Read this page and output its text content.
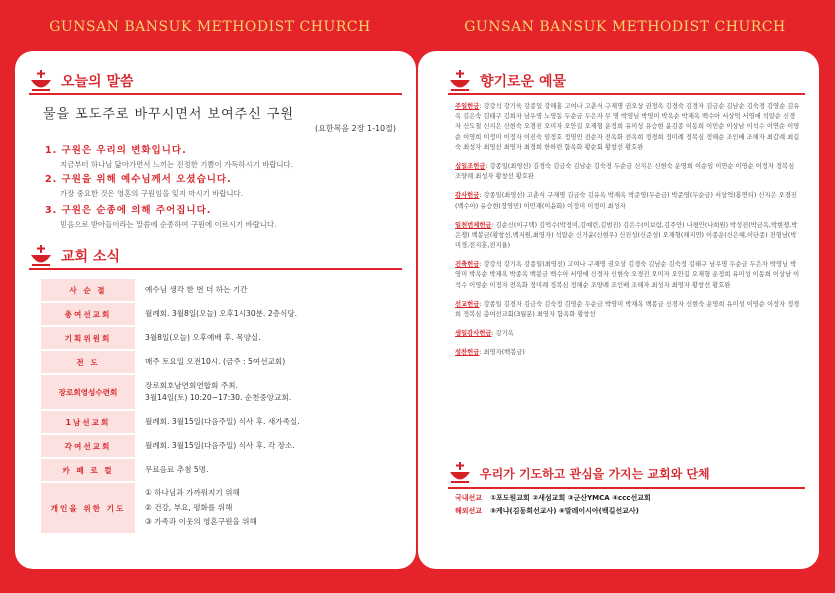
GUNSAN BANSUK METHODIST CHURCH	GUNSAN BANSUK METHODIST CHURCH
오늘의 말씀
물을 포도주로 바꾸시면서 보여주신 구원
(요한복음 2장 1-10절)
1. 구원은 우리의 변화입니다.
지금부터 하나님 닮아가면서 느끼는 진정한 기쁨이 가득하시기 바랍니다.
2. 구원을 위해 예수님께서 오셨습니다.
가장 중요한 것은 영혼의 구원임을 잊지 마시기 바랍니다.
3. 구원은 순종에 의해 주어집니다.
믿음으로 받아들이라는 말씀에 순종하여 구원에 이르시기 바랍니다.
교회 소식
사 순 절	예수님 생각 한 번 더 하는 기간
총여선교회	월례회. 3월8일(오늘) 오후1시30분. 2층식당.
기획위원회	3월8일(오늘) 오후예배 후. 목양실.
전 도	매주 토요일 오전10시. (금주 : 5여선교회)
장로회영성수련회
장로회호남연회연합회 주최.
3월14일(토) 10:20~17:30. 순천중앙교회.
1남선교회	월례회. 3월15일(다음주일) 식사 후. 새가족실.
각여선교회	월례회. 3월15일(다음주일) 식사 후. 각 장소.
카 페 로 컬	무료음료 추첨 5명.
개인을 위한 기도
① 하나님과 가까워지기 위해
② 건강, 부요, 평화를 위해
③ 가족과 이웃의 영혼구원을 위해
향기로운 예물
주일헌금: 강강석 강기욱 강종일 강해홍 고여나 고춘식 구재명 권오상 권정옥 김경숙 김경자 김금순 김남순 김숙경 김영순 김유옥 김은숙 김태구 김희자 남우명 노영동 두순금 두은자 무 명 박영님 박영미 박옥순 박재옥 백수아 서상억 서영애 석말순 신경자 신도철 신지은 신현숙 오경진 오미자 오안길 오재형 운정희 유미성 유승현 윤김종 이동희 이민순 이상남 이석수 이연순 이영순 이영희 이정미 이정자 이진숙 임정호 정영민 전순자 전옥화 전옥희 정경희 정미례 정복심 정해순 조인배 조해자 최갑례 최길숙 최성자 최영선 최영자 최경희 한하련 함옥화 황순회 황창선 황호완
십일조헌금: 강종일(최영선) 김경숙 김금숙 김남순 김숙정 두순금 신지은 신현숙 운영희 이순임 이연순 이영순 이정자 정복심 조양례 최성자 황창선 황호완
감사헌금: 강종일(최영선) 고춘식 구재명 김금숙 김유옥 박재옥 박준영(두순금) 박준영(두순금) 서상억(홍연티) 신지은 오경진(백수아) 유승현(정영민) 이민재(이윤화) 이정미 이정미 최성자
일천번제헌금: 김순신(이구택) 김억수(박정미,김예린,김범진) 김은수(이보람,김주안) 나평안(나희원) 박성진(박금옥,박현쟁,박은쟁) 백봉금(황창선,백지원,최영자) 석말순 신가윤(신현우) 신진성(신준성) 오재형(채지연) 이종운(신은혜,이단종) 전형남(박미경,전지훈,전지율)
건축헌금: 강강석 강기옥 강종일(최영선) 고여나 구재명 권오상 김경숙 김남순 김숙정 김태구 남우명 두순금 두은자 박영님 박영미 박옥순 박재옥 박종옥 백봉금 백수아 서영애 신경자 신현숙 오경진 오미자 오안길 오재형 운정희 유미성 이동희 이상남 이석수 이영순 이정자 전옥화 정미례 정복심 정해순 조양례 조인배 조해자 최성자 최영자 황창선 황호완
선교헌금: 강종일 김경자 김금숙 김숙정 김영순 두순금 박영미 박재옥 백봉금 신경자 신현숙 운영희 유미성 이영순 이정자 정경희 정복심 총여선교회(3월분) 최영자 함옥화 황창선
생일감사헌금: 강기옥
성찬헌금: 최영자(백봉금)
우리가 기도하고 관심을 가지는 교회와 단체
국내선교 ①포도원교회 ②새섬교회 ③군산YMCA ④ccc선교회
해외선교 ⑤케냐(김동희선교사) ⑥말레이시아(백길선교사)
